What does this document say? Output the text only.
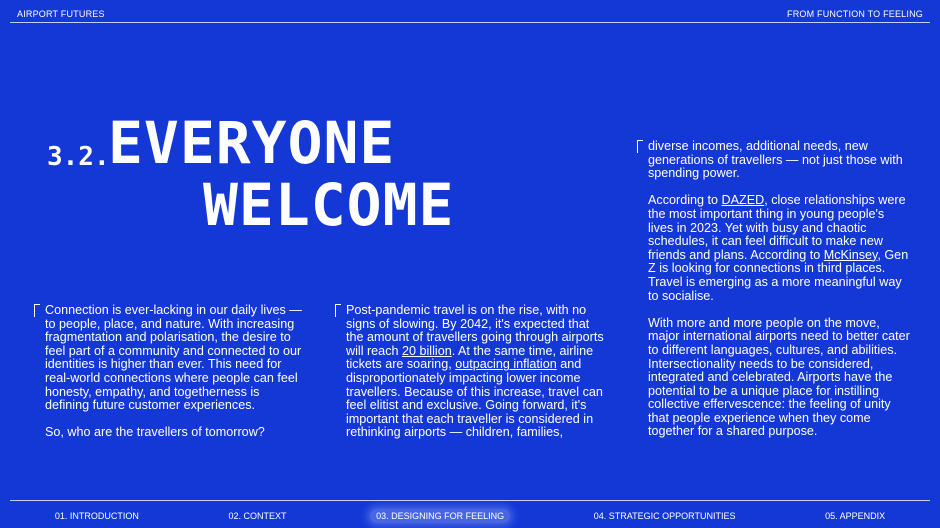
AIRPORT FUTURES	FROM FUNCTION TO FEELING
3.2.
EVERYONE
WELCOME

Connection is ever-lacking in our daily lives — to people, place, and nature. With increasing fragmentation and polarisation, the desire to feel part of a community and connected to our identities is higher than ever. This need for real-world connections where people can feel honesty, empathy, and togetherness is defining future customer experiences.

So, who are the travellers of tomorrow?

Post-pandemic travel is on the rise, with no signs of slowing. By 2042, it's expected that the amount of travellers going through airports will reach 20 billion. At the same time, airline tickets are soaring, outpacing inflation and disproportionately impacting lower income travellers. Because of this increase, travel can feel elitist and exclusive. Going forward, it's important that each traveller is considered in rethinking airports — children, families,

diverse incomes, additional needs, new generations of travellers — not just those with spending power.

According to DAZED, close relationships were the most important thing in young people's lives in 2023. Yet with busy and chaotic schedules, it can feel difficult to make new friends and plans. According to McKinsey, Gen Z is looking for connections in third places. Travel is emerging as a more meaningful way to socialise.

With more and more people on the move, major international airports need to better cater to different languages, cultures, and abilities. Intersectionality needs to be considered, integrated and celebrated. Airports have the potential to be a unique place for instilling collective effervescence: the feeling of unity that people experience when they come together for a shared purpose.

01. INTRODUCTION	02. CONTEXT	03. DESIGNING FOR FEELING	04. STRATEGIC OPPORTUNITIES	05. APPENDIX
